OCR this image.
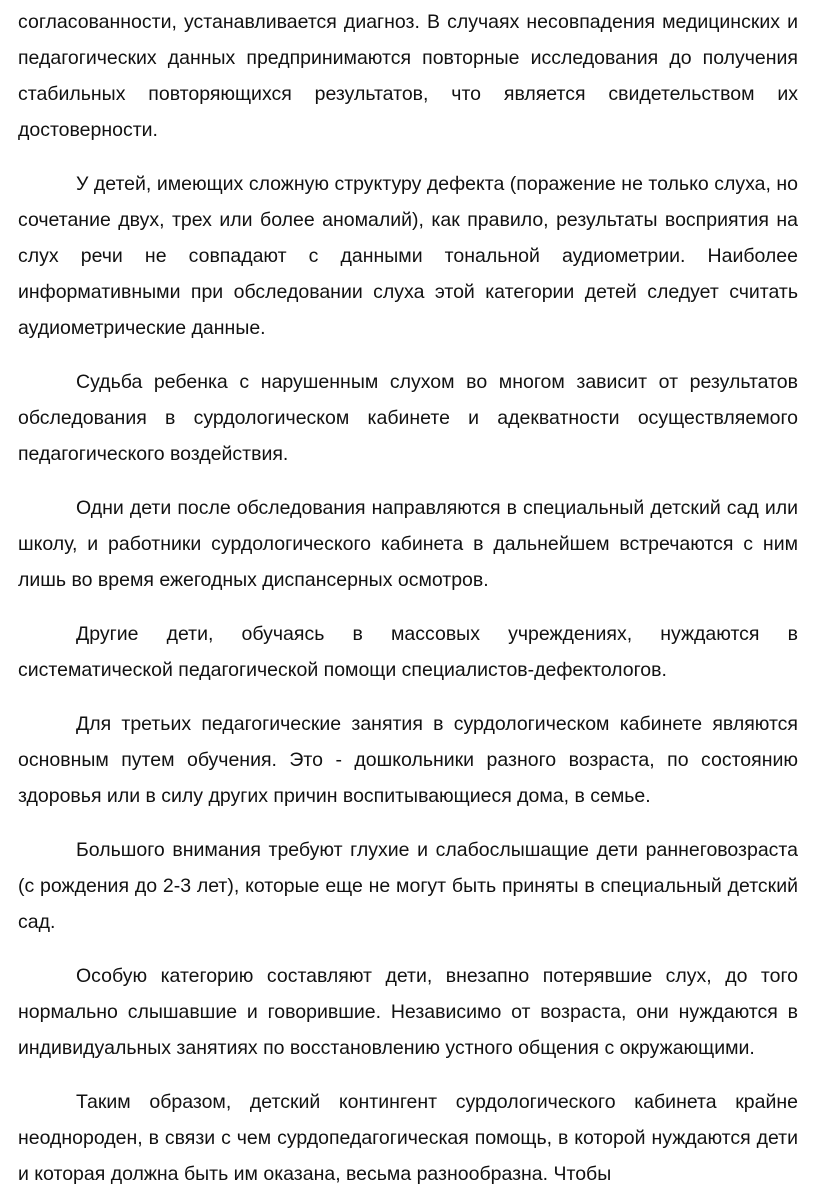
согласованности, устанавливается диагноз. В случаях несовпадения медицинских и педагогических данных предпринимаются повторные исследования до получения стабильных повторяющихся результатов, что является свидетельством их достоверности.

У детей, имеющих сложную структуру дефекта (поражение не только слуха, но сочетание двух, трех или более аномалий), как правило, результаты восприятия на слух речи не совпадают с данными тональной аудиометрии. Наиболее информативными при обследовании слуха этой категории детей следует считать аудиометрические данные.

Судьба ребенка с нарушенным слухом во многом зависит от результатов обследования в сурдологическом кабинете и адекватности осуществляемого педагогического воздействия.

Одни дети после обследования направляются в специальный детский сад или школу, и работники сурдологического кабинета в дальнейшем встречаются с ним лишь во время ежегодных диспансерных осмотров.

Другие дети, обучаясь в массовых учреждениях, нуждаются в систематической педагогической помощи специалистов-дефектологов.

Для третьих педагогические занятия в сурдологическом кабинете являются основным путем обучения. Это - дошкольники разного возраста, по состоянию здоровья или в силу других причин воспитывающиеся дома, в семье.

Большого внимания требуют глухие и слабослышащие дети раннеговозраста (с рождения до 2-3 лет), которые еще не могут быть приняты в специальный детский сад.

Особую категорию составляют дети, внезапно потерявшие слух, до того нормально слышавшие и говорившие. Независимо от возраста, они нуждаются в индивидуальных занятиях по восстановлению устного общения с окружающими.

Таким образом, детский контингент сурдологического кабинета крайне неоднороден, в связи с чем сурдопедагогическая помощь, в которой нуждаются дети и которая должна быть им оказана, весьма разнообразна. Чтобы
